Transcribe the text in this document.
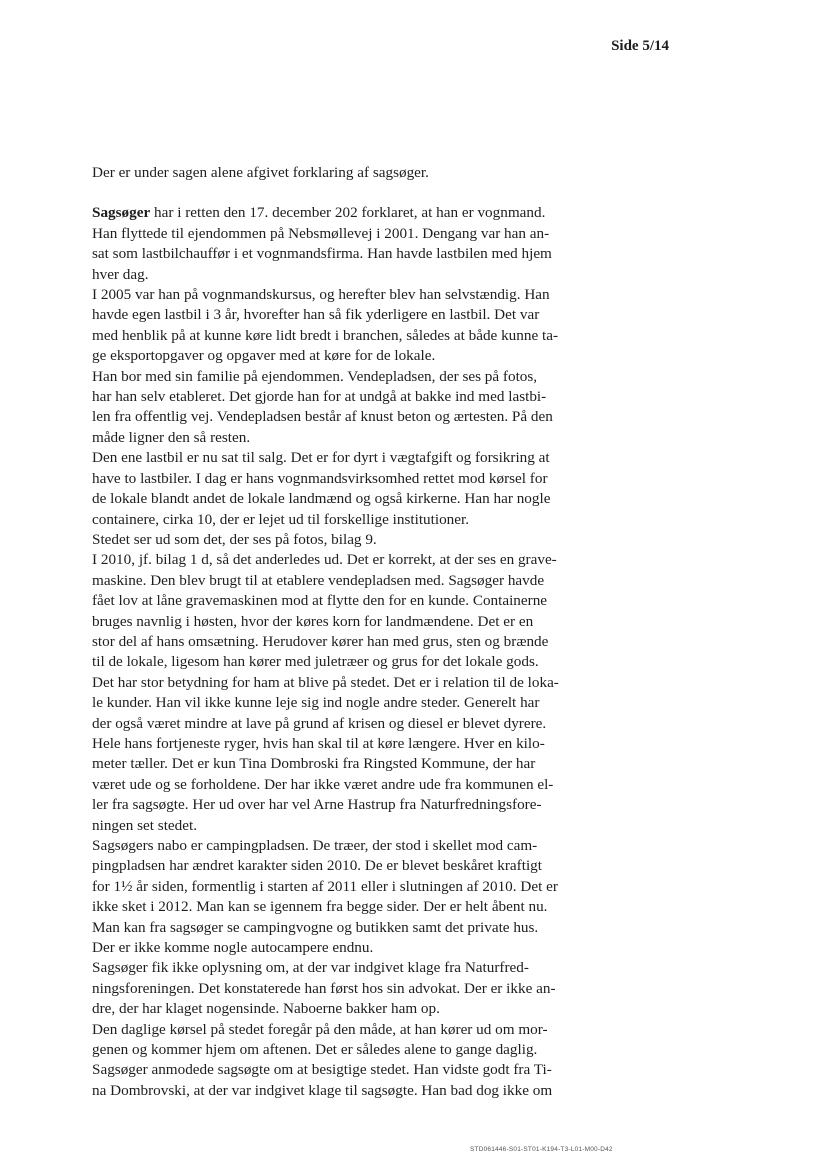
Side 5/14

Der er under sagen alene afgivet forklaring af sagsøger.

Sagsøger har i retten den 17. december 202 forklaret, at han er vognmand.
Han flyttede til ejendommen på Nebsmøllevej i 2001. Dengang var han an-
sat som lastbilchauffør i et vognmandsfirma. Han havde lastbilen med hjem
hver dag.

I 2005 var han på vognmandskursus, og herefter blev han selvstændig. Han
havde egen lastbil i 3 år, hvorefter han så fik yderligere en lastbil. Det var
med henblik på at kunne køre lidt bredt i branchen, således at både kunne ta-
ge eksportopgaver og opgaver med at køre for de lokale.
Han bor med sin familie på ejendommen. Vendepladsen, der ses på fotos,
har han selv etableret. Det gjorde han for at undgå at bakke ind med lastbi-
len fra offentlig vej. Vendepladsen består af knust beton og ærtesten. På den
måde ligner den så resten.
Den ene lastbil er nu sat til salg. Det er for dyrt i vægtafgift og forsikring at
have to lastbiler. I dag er hans vognmandsvirksomhed rettet mod kørsel for
de lokale blandt andet de lokale landmænd og også kirkerne. Han har nogle
containere, cirka 10, der er lejet ud til forskellige institutioner.
Stedet ser ud som det, der ses på fotos, bilag 9.
I 2010, jf. bilag 1 d, så det anderledes ud. Det er korrekt, at der ses en grave-
maskine. Den blev brugt til at etablere vendepladsen med. Sagsøger havde
fået lov at låne gravemaskinen mod at flytte den for en kunde. Containerne
bruges navnlig i høsten, hvor der køres korn for landmændene. Det er en
stor del af hans omsætning. Herudover kører han med grus, sten og brænde
til de lokale, ligesom han kører med juletræer og grus for det lokale gods.
Det har stor betydning for ham at blive på stedet. Det er i relation til de loka-
le kunder. Han vil ikke kunne leje sig ind nogle andre steder. Generelt har
der også været mindre at lave på grund af krisen og diesel er blevet dyrere.
Hele hans fortjeneste ryger, hvis han skal til at køre længere. Hver en kilo-
meter tæller. Det er kun Tina Dombroski fra Ringsted Kommune, der har
været ude og se forholdene. Der har ikke været andre ude fra kommunen el-
ler fra sagsøgte. Her ud over har vel Arne Hastrup fra Naturfredningsfore-
ningen set stedet.
Sagsøgers nabo er campingpladsen. De træer, der stod i skellet mod cam-
pingpladsen har ændret karakter siden 2010. De er blevet beskåret kraftigt
for 1½ år siden, formentlig i starten af 2011 eller i slutningen af 2010. Det er
ikke sket i 2012. Man kan se igennem fra begge sider. Der er helt åbent nu.
Man kan fra sagsøger se campingvogne og butikken samt det private hus.
Der er ikke komme nogle autocampere endnu.
Sagsøger fik ikke oplysning om, at der var indgivet klage fra Naturfred-
ningsforeningen. Det konstaterede han først hos sin advokat. Der er ikke an-
dre, der har klaget nogensinde. Naboerne bakker ham op.
Den daglige kørsel på stedet foregår på den måde, at han kører ud om mor-
genen og kommer hjem om aftenen. Det er således alene to gange daglig.
Sagsøger anmodede sagsøgte om at besigtige stedet. Han vidste godt fra Ti-
na Dombrovski, at der var indgivet klage til sagsøgte. Han bad dog ikke om
STD061446-S01-ST01-K194-T3-L01-M00-D42
